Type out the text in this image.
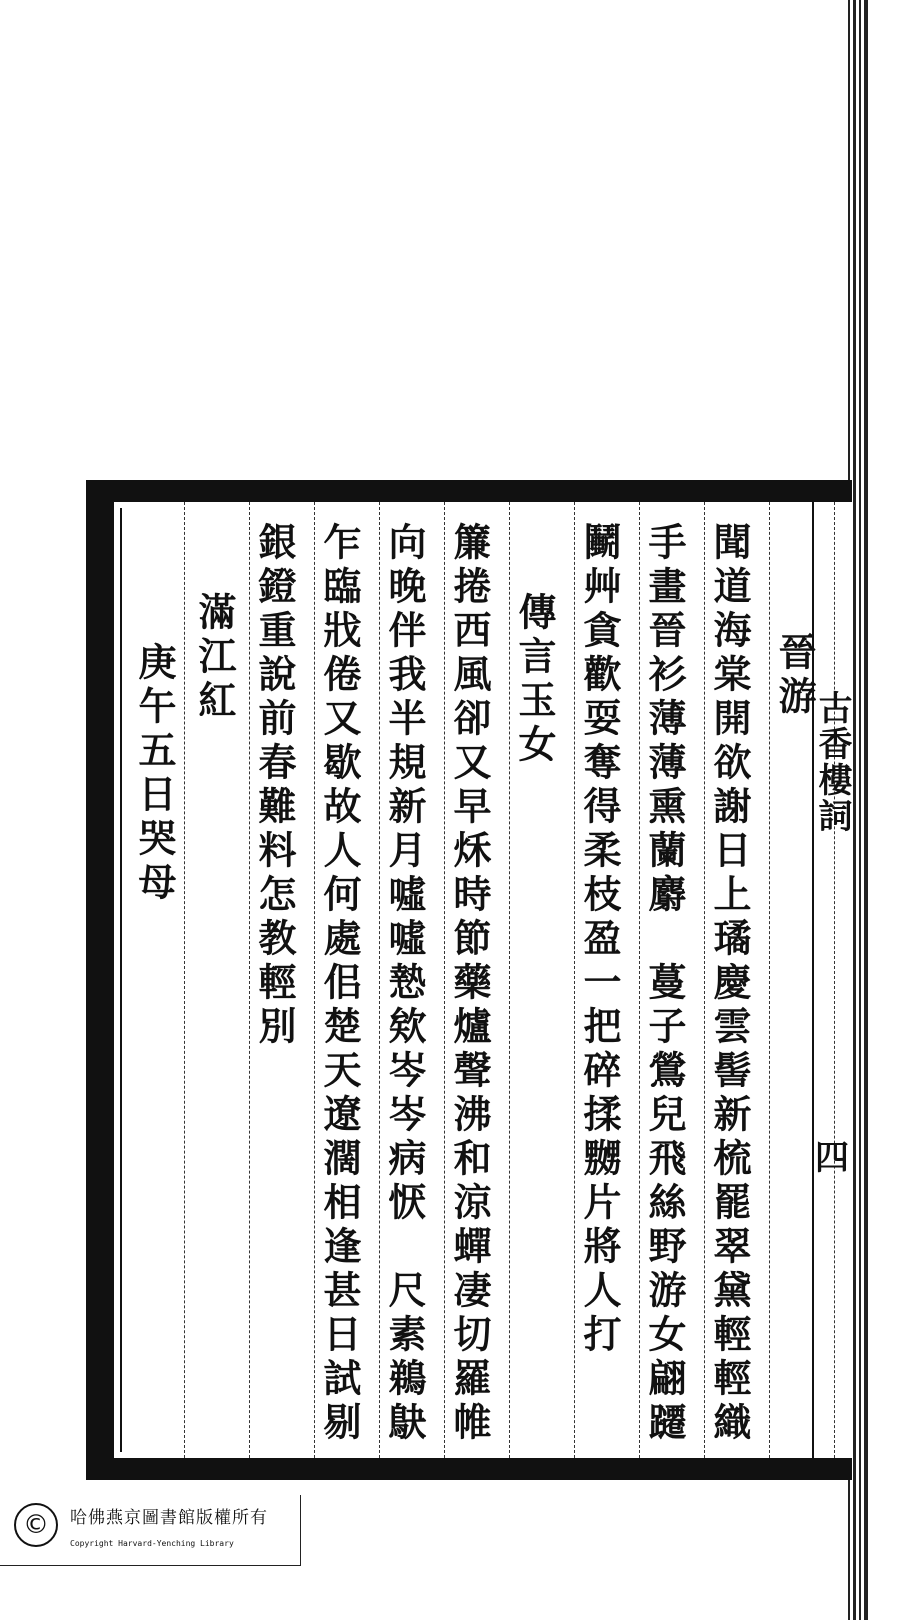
晉游
聞道海棠開欲謝日上璚慶雲髻新梳罷翠黛輕輕織
手畫晉衫薄薄熏蘭麝　蔓子鶯兒飛絲野游女翩躚
鬭艸貪歡耍奪得柔枝盈一把碎揉嬲片將人打
傳言玉女
簾捲西風卻又早秌時節藥爐聲沸和涼蟬凄切羅帷
向晚伴我半規新月噓噓慹欸岑岑病恹　尺素鵜鴃
乍臨戕倦又歇故人何處佀楚天遼濶相逢甚日試剔
銀鐙重說前春難料怎教輕別
滿江紅
庚午五日哭母	古香樓詞
四
©	哈佛燕京圖書館版權所有
Copyright Harvard-Yenching Library
